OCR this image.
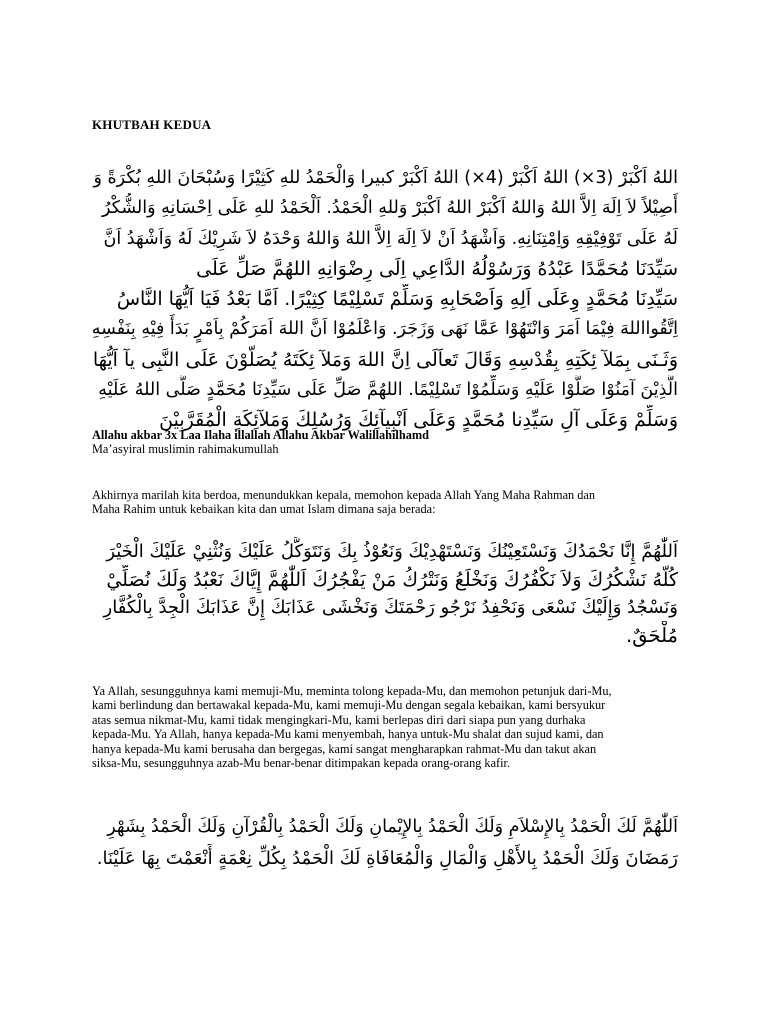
KHUTBAH KEDUA
اللهُ اَكْبَرْ (3×) اللهُ اَكْبَرْ (4×) اللهُ اَكْبَرْ كبيرا وَالْحَمْدُ للهِ كَثِيْرًا وَسُبْحَانَ اللهِ بُكْرَةً وَ
أَصِيْلاً لاَ اِلَهَ اِلاَّ اللهُ وَاللهُ اَكْبَرْ اللهُ اَكْبَرْ وَللهِ الْحَمْدُ. اَلْحَمْدُ للهِ عَلَى اِحْسَانِهِ وَالشُّكْرُ
لَهُ عَلَى تَوْفِيْقِهِ وَاِمْتِنَانِهِ. وَاَشْهَدُ اَنْ لاَ اِلَهَ اِلاَّ اللهُ وَاللهُ وَحْدَهُ لاَ شَرِيْكَ لَهُ وَاَشْهَدُ اَنَّ
سَيِّدَنَا مُحَمَّدًا عَبْدُهُ وَرَسُوْلُهُ الدَّاعِي اِلَى رِضْوَانِهِ اللهُمَّ صَلِّ عَلَى
سَيِّدِنَا مُحَمَّدٍ وِعَلَى اَلِهِ وَاَصْحَابِهِ وَسَلِّمْ تَسْلِيْمًا كِثِيْرًا. اَمَّا بَعْدُ فَيَا اَيُّهَا النَّاسُ
اِتَّقُوااللهَ فِيْمَا اَمَرَ وَانْتَهُوْا عَمَّا نَهَى وَزَجَرَ. وَاعْلَمُوْا اَنَّ اللهَ اَمَرَكُمْ بِاَمْرٍ بَدَأَ فِيْهِ بِنَفْسِهِ
وَثَـنَى بِمَلآ ئِكَتِهِ بِقُدْسِهِ وَقَالَ تَعاَلَى اِنَّ اللهَ وَمَلآ ئِكَتَهُ يُصَلُّوْنَ عَلَى النَّبِى يآ اَيُّهَا
الَّذِيْنَ آمَنُوْا صَلُّوْا عَلَيْهِ وَسَلِّمُوْا تَسْلِيْمًا. اللهُمَّ صَلِّ عَلَى سَيِّدِنَا مُحَمَّدٍ صَلَّى اللهُ عَلَيْهِ
وَسَلِّمْ وَعَلَى آلِ سَيِّدِنا مُحَمَّدٍ وَعَلَى اَنْبِيآئِكَ وَرُسُلِكَ وَمَلآئِكَةِ الْمُقَرَّبِيْنَ
Allahu akbar 3x Laa Ilaha illallah Allahu Akbar Walillahilhamd
Ma’asyiral muslimin rahimakumullah
Akhirnya marilah kita berdoa, menundukkan kepala, memohon kepada Allah Yang Maha Rahman dan
Maha Rahim untuk kebaikan kita dan umat Islam dimana saja berada:
اَللّٰهُمَّ إِنَّا نَحْمَدُكَ وَنَسْتَعِيْنُكَ وَنَسْتَهْدِيْكَ وَنَعُوْذُ بِكَ وَنَتَوَكَّلُ عَلَيْكَ وَنُثْنِيْ عَلَيْكَ الْخَيْرَ
كُلَّهُ نَشْكُرُكَ وَلاَ نَكْفُرُكَ وَنَخْلَعُ وَنَتْرُكُ مَنْ يَفْجُرُكَ اَللّٰهُمَّ إِيَّاكَ نَعْبُدُ وَلَكَ نُصَلِّيْ
وَنَسْجُدُ وَإِلَيْكَ نَسْعَى وَنَحْفِدُ نَرْجُو رَحْمَتَكَ وَنَخْشَى عَذَابَكَ إِنَّ عَذَابَكَ الْجِدَّ بِالْكُفَّارِ
مُلْحَقٌ.
Ya Allah, sesungguhnya kami memuji-Mu, meminta tolong kepada-Mu, dan memohon petunjuk dari-Mu,
kami berlindung dan bertawakal kepada-Mu, kami memuji-Mu dengan segala kebaikan, kami bersyukur
atas semua nikmat-Mu, kami tidak mengingkari-Mu, kami berlepas diri dari siapa pun yang durhaka
kepada-Mu. Ya Allah, hanya kepada-Mu kami menyembah, hanya untuk-Mu shalat dan sujud kami, dan
hanya kepada-Mu kami berusaha dan bergegas, kami sangat mengharapkan rahmat-Mu dan takut akan
siksa-Mu, sesungguhnya azab-Mu benar-benar ditimpakan kepada orang-orang kafir.
اَللّٰهُمَّ لَكَ الْحَمْدُ بِالإِسْلاَمِ وَلَكَ الْحَمْدُ بِالإِيْمانِ وَلَكَ الْحَمْدُ بِالْقُرْآنِ وَلَكَ الْحَمْدُ بِشَهْرِ
رَمَضَانَ وَلَكَ الْحَمْدُ بِالأَهْلِ وَالْمَالِ وَالْمُعَافَاةِ لَكَ الْحَمْدُ بِكُلِّ نِعْمَةٍ أَنْعَمْتَ بِهَا عَلَيْنَا.
